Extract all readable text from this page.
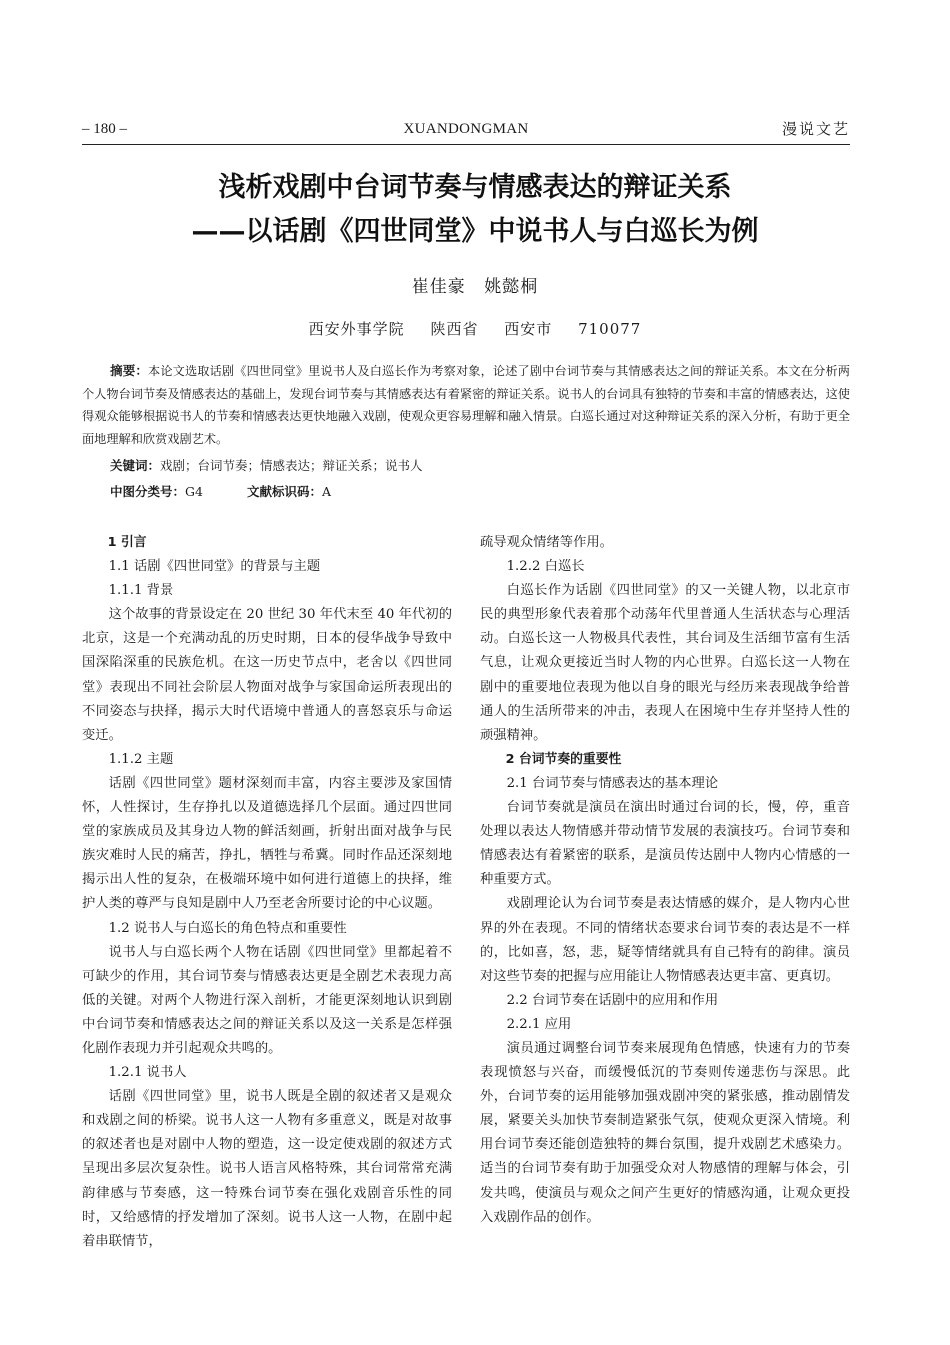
– 180 –	XUANDONGMAN	漫说文艺
浅析戏剧中台词节奏与情感表达的辩证关系
——以话剧《四世同堂》中说书人与白巡长为例
崔佳豪 姚懿桐
西安外事学院 陕西省 西安市 710077
摘要：本论文选取话剧《四世同堂》里说书人及白巡长作为考察对象，论述了剧中台词节奏与其情感表达之间的辩证关系。本文在分析两个人物台词节奏及情感表达的基础上，发现台词节奏与其情感表达有着紧密的辩证关系。说书人的台词具有独特的节奏和丰富的情感表达，这使得观众能够根据说书人的节奏和情感表达更快地融入戏剧，使观众更容易理解和融入情景。白巡长通过对这种辩证关系的深入分析，有助于更全面地理解和欣赏戏剧艺术。
关键词：戏剧；台词节奏；情感表达；辩证关系；说书人
中图分类号：G4	文献标识码：A

1 引言

1.1 话剧《四世同堂》的背景与主题

1.1.1 背景

这个故事的背景设定在 20 世纪 30 年代末至 40 年代初的北京，这是一个充满动乱的历史时期，日本的侵华战争导致中国深陷深重的民族危机。在这一历史节点中，老舍以《四世同堂》表现出不同社会阶层人物面对战争与家国命运所表现出的不同姿态与抉择，揭示大时代语境中普通人的喜怒哀乐与命运变迁。

1.1.2 主题

话剧《四世同堂》题材深刻而丰富，内容主要涉及家国情怀，人性探讨，生存挣扎以及道德选择几个层面。通过四世同堂的家族成员及其身边人物的鲜活刻画，折射出面对战争与民族灾难时人民的痛苦，挣扎，牺牲与希冀。同时作品还深刻地揭示出人性的复杂，在极端环境中如何进行道德上的抉择，维护人类的尊严与良知是剧中人乃至老舍所要讨论的中心议题。

1.2 说书人与白巡长的角色特点和重要性

说书人与白巡长两个人物在话剧《四世同堂》里都起着不可缺少的作用，其台词节奏与情感表达更是全剧艺术表现力高低的关键。对两个人物进行深入剖析，才能更深刻地认识到剧中台词节奏和情感表达之间的辩证关系以及这一关系是怎样强化剧作表现力并引起观众共鸣的。

1.2.1 说书人

话剧《四世同堂》里，说书人既是全剧的叙述者又是观众和戏剧之间的桥梁。说书人这一人物有多重意义，既是对故事的叙述者也是对剧中人物的塑造，这一设定使戏剧的叙述方式呈现出多层次复杂性。说书人语言风格特殊，其台词常常充满韵律感与节奏感，这一特殊台词节奏在强化戏剧音乐性的同时，又给感情的抒发增加了深刻。说书人这一人物，在剧中起着串联情节，

疏导观众情绪等作用。

1.2.2 白巡长

白巡长作为话剧《四世同堂》的又一关键人物，以北京市民的典型形象代表着那个动荡年代里普通人生活状态与心理活动。白巡长这一人物极具代表性，其台词及生活细节富有生活气息，让观众更接近当时人物的内心世界。白巡长这一人物在剧中的重要地位表现为他以自身的眼光与经历来表现战争给普通人的生活所带来的冲击，表现人在困境中生存并坚持人性的顽强精神。

2 台词节奏的重要性

2.1 台词节奏与情感表达的基本理论

台词节奏就是演员在演出时通过台词的长，慢，停，重音处理以表达人物情感并带动情节发展的表演技巧。台词节奏和情感表达有着紧密的联系，是演员传达剧中人物内心情感的一种重要方式。

戏剧理论认为台词节奏是表达情感的媒介，是人物内心世界的外在表现。不同的情绪状态要求台词节奏的表达是不一样的，比如喜，怒，悲，疑等情绪就具有自己特有的韵律。演员对这些节奏的把握与应用能让人物情感表达更丰富、更真切。

2.2 台词节奏在话剧中的应用和作用

2.2.1 应用

演员通过调整台词节奏来展现角色情感，快速有力的节奏表现愤怒与兴奋，而缓慢低沉的节奏则传递悲伤与深思。此外，台词节奏的运用能够加强戏剧冲突的紧张感，推动剧情发展，紧要关头加快节奏制造紧张气氛，使观众更深入情境。利用台词节奏还能创造独特的舞台氛围，提升戏剧艺术感染力。适当的台词节奏有助于加强受众对人物感情的理解与体会，引发共鸣，使演员与观众之间产生更好的情感沟通，让观众更投入戏剧作品的创作。
